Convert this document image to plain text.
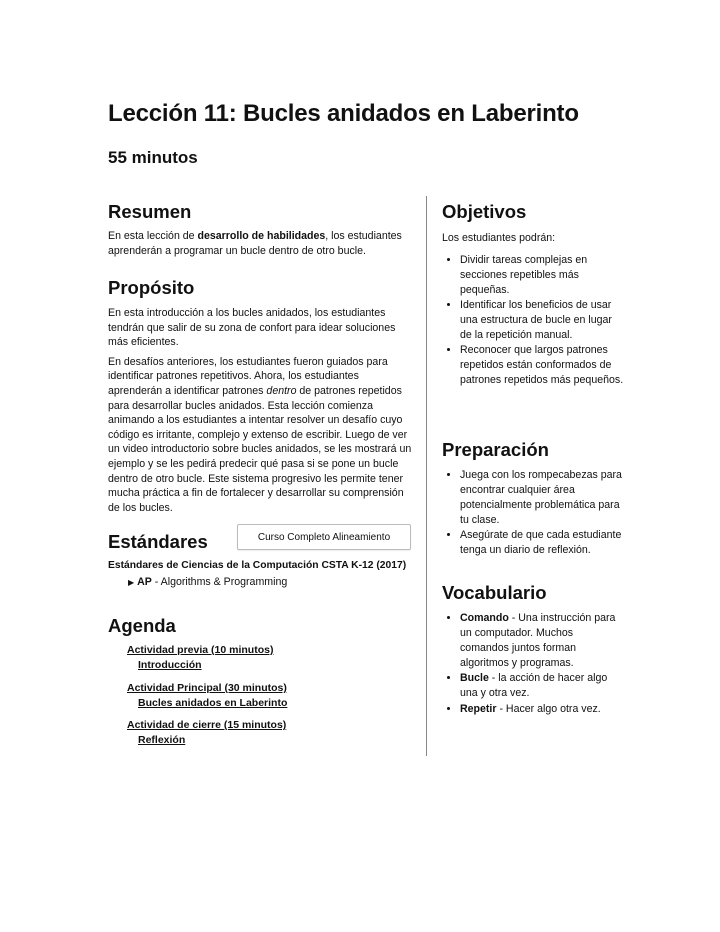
Lección 11: Bucles anidados en Laberinto
55 minutos
Resumen

En esta lección de desarrollo de habilidades, los estudiantes aprenderán a programar un bucle dentro de otro bucle.

Propósito

En esta introducción a los bucles anidados, los estudiantes tendrán que salir de su zona de confort para idear soluciones más eficientes.

En desafíos anteriores, los estudiantes fueron guiados para identificar patrones repetitivos. Ahora, los estudiantes aprenderán a identificar patrones dentro de patrones repetidos para desarrollar bucles anidados. Esta lección comienza animando a los estudiantes a intentar resolver un desafío cuyo código es irritante, complejo y extenso de escribir. Luego de ver un video introductorio sobre bucles anidados, se les mostrará un ejemplo y se les pedirá predecir qué pasa si se pone un bucle dentro de otro bucle. Este sistema progresivo les permite tener mucha práctica a fin de fortalecer y desarrollar su comprensión de los bucles.

Estándares	Curso Completo Alineamiento
Estándares de Ciencias de la Computación CSTA K-12 (2017)
▶ AP - Algorithms & Programming
Agenda
Actividad previa (10 minutos)
Introducción
Actividad Principal (30 minutos)
Bucles anidados en Laberinto
Actividad de cierre (15 minutos)
Reflexión
Objetivos

Los estudiantes podrán:

• Dividir tareas complejas en secciones repetibles más pequeñas.
• Identificar los beneficios de usar una estructura de bucle en lugar de la repetición manual.
• Reconocer que largos patrones repetidos están conformados de patrones repetidos más pequeños.
Preparación
• Juega con los rompecabezas para encontrar cualquier área potencialmente problemática para tu clase.
• Asegúrate de que cada estudiante tenga un diario de reflexión.
Vocabulario
• Comando - Una instrucción para un computador. Muchos comandos juntos forman algoritmos y programas.
• Bucle - la acción de hacer algo una y otra vez.
• Repetir - Hacer algo otra vez.
